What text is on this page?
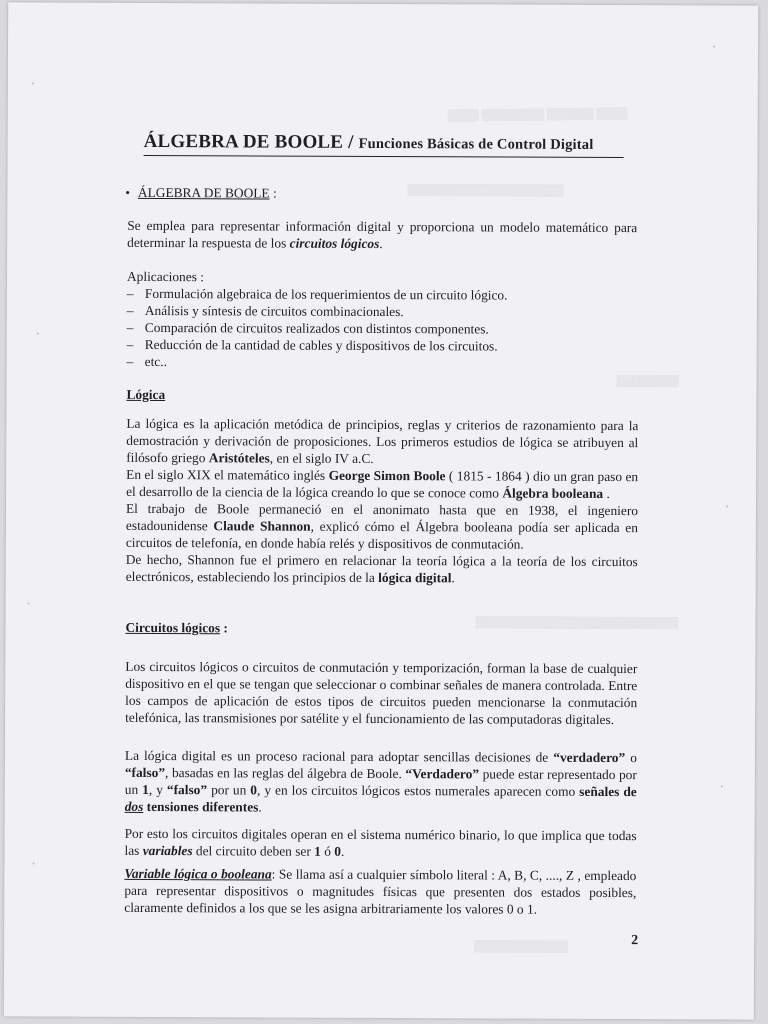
▒▒▒▒ ▒▒▒▒▒▒▒▒ ▒▒▒▒▒▒ ▒▒▒▒
▒▒▒▒▒▒▒▒▒▒▒▒▒▒▒▒▒▒▒▒
▒▒▒▒▒▒▒▒
▒▒▒▒▒▒▒▒▒▒▒▒▒▒▒▒▒▒▒▒▒▒▒▒▒▒
▒▒▒▒▒▒▒▒▒▒▒▒
ÁLGEBRA DE BOOLE / Funciones Básicas de Control Digital
• ÁLGEBRA DE BOOLE :

Se emplea para representar información digital y proporciona un modelo matemático para determinar la respuesta de los circuitos lógicos.

Aplicaciones :
– Formulación algebraica de los requerimientos de un circuito lógico.
– Análisis y síntesis de circuitos combinacionales.
– Comparación de circuitos realizados con distintos componentes.
– Reducción de la cantidad de cables y dispositivos de los circuitos.
– etc..
Lógica

La lógica es la aplicación metódica de principios, reglas y criterios de razonamiento para la demostración y derivación de proposiciones. Los primeros estudios de lógica se atribuyen al filósofo griego Aristóteles, en el siglo IV a.C.

En el siglo XIX el matemático inglés George Simon Boole ( 1815 - 1864 ) dio un gran paso en el desarrollo de la ciencia de la lógica creando lo que se conoce como Álgebra booleana .

El trabajo de Boole permaneció en el anonimato hasta que en 1938, el ingeniero estadounidense Claude Shannon, explicó cómo el Álgebra booleana podía ser aplicada en circuitos de telefonía, en donde había relés y dispositivos de conmutación.

De hecho, Shannon fue el primero en relacionar la teoría lógica a la teoría de los circuitos electrónicos, estableciendo los principios de la lógica digital.

Circuitos lógicos :

Los circuitos lógicos o circuitos de conmutación y temporización, forman la base de cualquier dispositivo en el que se tengan que seleccionar o combinar señales de manera controlada. Entre los campos de aplicación de estos tipos de circuitos pueden mencionarse la conmutación telefónica, las transmisiones por satélite y el funcionamiento de las computadoras digitales.

La lógica digital es un proceso racional para adoptar sencillas decisiones de “verdadero” o “falso”, basadas en las reglas del álgebra de Boole. “Verdadero” puede estar representado por un 1, y “falso” por un 0, y en los circuitos lógicos estos numerales aparecen como señales de dos tensiones diferentes.

Por esto los circuitos digitales operan en el sistema numérico binario, lo que implica que todas las variables del circuito deben ser 1 ó 0.

Variable lógica o booleana: Se llama así a cualquier símbolo literal : A, B, C, ...., Z , empleado para representar dispositivos o magnitudes físicas que presenten dos estados posibles, claramente definidos a los que se les asigna arbitrariamente los valores 0 o 1.

2
